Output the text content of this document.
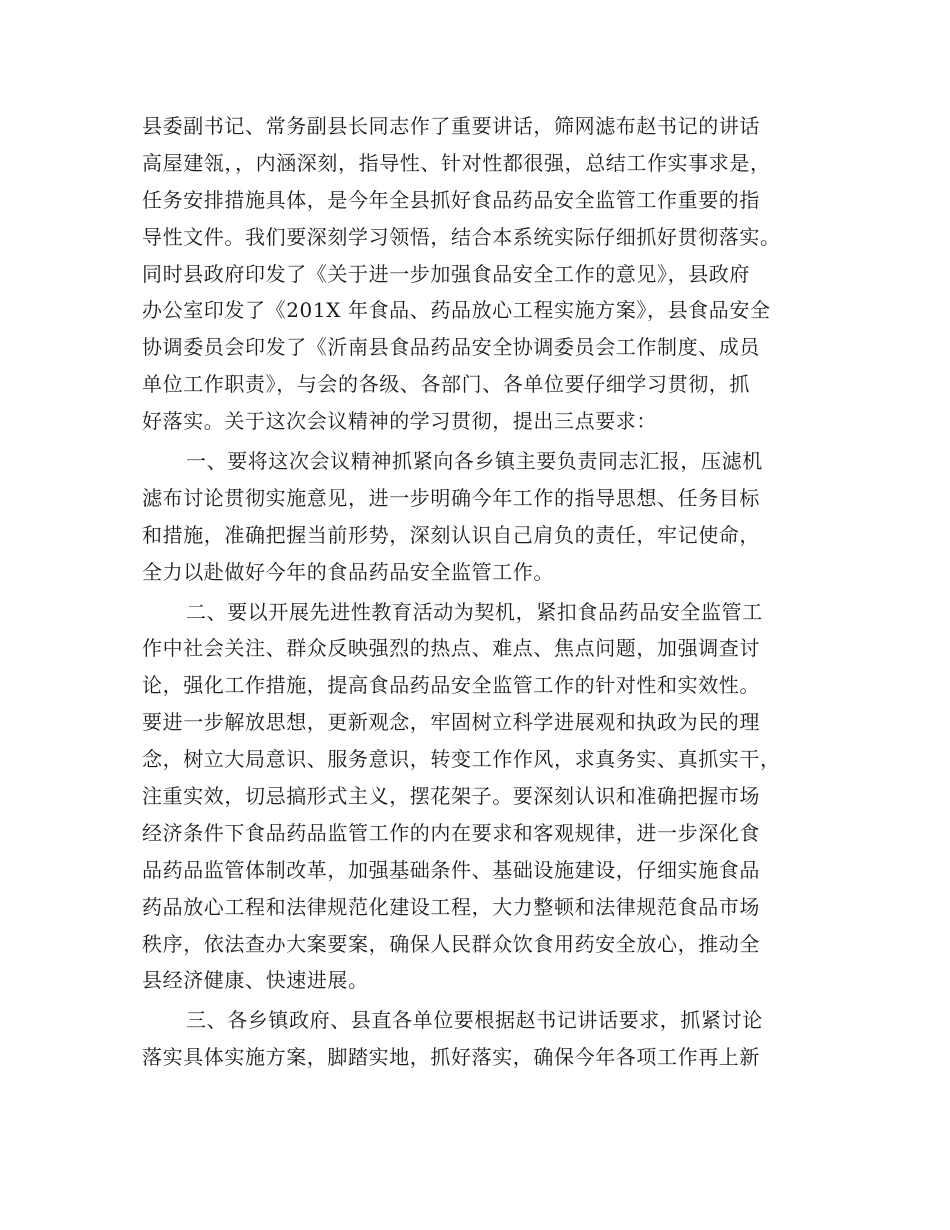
县委副书记、常务副县长同志作了重要讲话，筛网滤布赵书记的讲话
高屋建瓴，，内涵深刻，指导性、针对性都很强，总结工作实事求是，
任务安排措施具体，是今年全县抓好食品药品安全监管工作重要的指
导性文件。我们要深刻学习领悟，结合本系统实际仔细抓好贯彻落实。
同时县政府印发了《关于进一步加强食品安全工作的意见》，县政府
办公室印发了《201X 年食品、药品放心工程实施方案》，县食品安全
协调委员会印发了《沂南县食品药品安全协调委员会工作制度、成员
单位工作职责》，与会的各级、各部门、各单位要仔细学习贯彻，抓
好落实。关于这次会议精神的学习贯彻，提出三点要求：
一、要将这次会议精神抓紧向各乡镇主要负责同志汇报，压滤机
滤布讨论贯彻实施意见，进一步明确今年工作的指导思想、任务目标
和措施，准确把握当前形势，深刻认识自己肩负的责任，牢记使命，
全力以赴做好今年的食品药品安全监管工作。
二、要以开展先进性教育活动为契机，紧扣食品药品安全监管工
作中社会关注、群众反映强烈的热点、难点、焦点问题，加强调查讨
论，强化工作措施，提高食品药品安全监管工作的针对性和实效性。
要进一步解放思想，更新观念，牢固树立科学进展观和执政为民的理
念，树立大局意识、服务意识，转变工作作风，求真务实、真抓实干，
注重实效，切忌搞形式主义，摆花架子。要深刻认识和准确把握市场
经济条件下食品药品监管工作的内在要求和客观规律，进一步深化食
品药品监管体制改革，加强基础条件、基础设施建设，仔细实施食品
药品放心工程和法律规范化建设工程，大力整顿和法律规范食品市场
秩序，依法查办大案要案，确保人民群众饮食用药安全放心，推动全
县经济健康、快速进展。
三、各乡镇政府、县直各单位要根据赵书记讲话要求，抓紧讨论
落实具体实施方案，脚踏实地，抓好落实，确保今年各项工作再上新
